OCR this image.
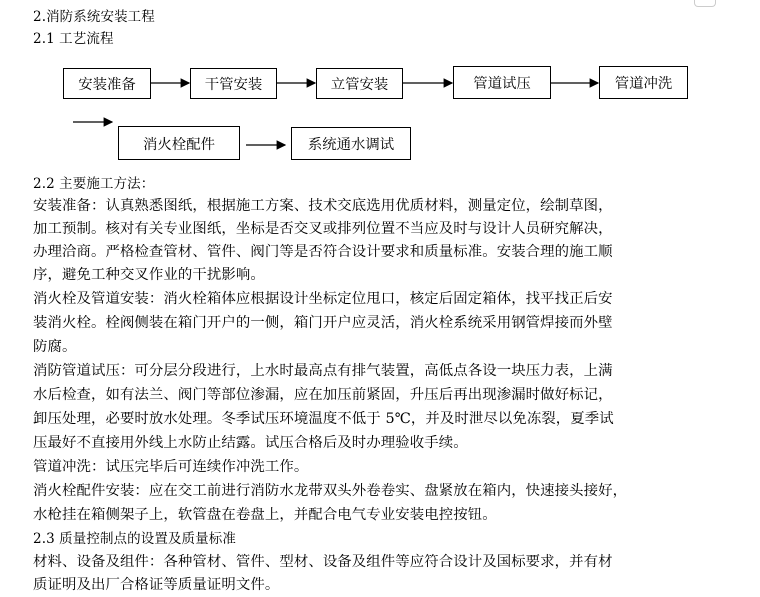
2.消防系统安装工程
2.1 工艺流程
安装准备	干管安装	立管安装	管道试压	管道冲洗
消火栓配件	系统通水调试
2.2 主要施工方法：
安装准备：认真熟悉图纸，根据施工方案、技术交底选用优质材料，测量定位，绘制草图，
加工预制。核对有关专业图纸，坐标是否交叉或排列位置不当应及时与设计人员研究解决，
办理洽商。严格检查管材、管件、阀门等是否符合设计要求和质量标准。安装合理的施工顺
序，避免工种交叉作业的干扰影响。
消火栓及管道安装：消火栓箱体应根据设计坐标定位甩口，核定后固定箱体，找平找正后安
装消火栓。栓阀侧装在箱门开户的一侧，箱门开户应灵活，消火栓系统采用钢管焊接而外壁
防腐。
消防管道试压：可分层分段进行，上水时最高点有排气装置，高低点各设一块压力表，上满
水后检查，如有法兰、阀门等部位渗漏，应在加压前紧固，升压后再出现渗漏时做好标记，
卸压处理，必要时放水处理。冬季试压环境温度不低于 5℃，并及时泄尽以免冻裂，夏季试
压最好不直接用外线上水防止结露。试压合格后及时办理验收手续。
管道冲洗：试压完毕后可连续作冲洗工作。
消火栓配件安装：应在交工前进行消防水龙带双头外卷卷实、盘紧放在箱内，快速接头接好，
水枪挂在箱侧架子上，软管盘在卷盘上，并配合电气专业安装电控按钮。
2.3 质量控制点的设置及质量标准
材料、设备及组件：各种管材、管件、型材、设备及组件等应符合设计及国标要求，并有材
质证明及出厂合格证等质量证明文件。
